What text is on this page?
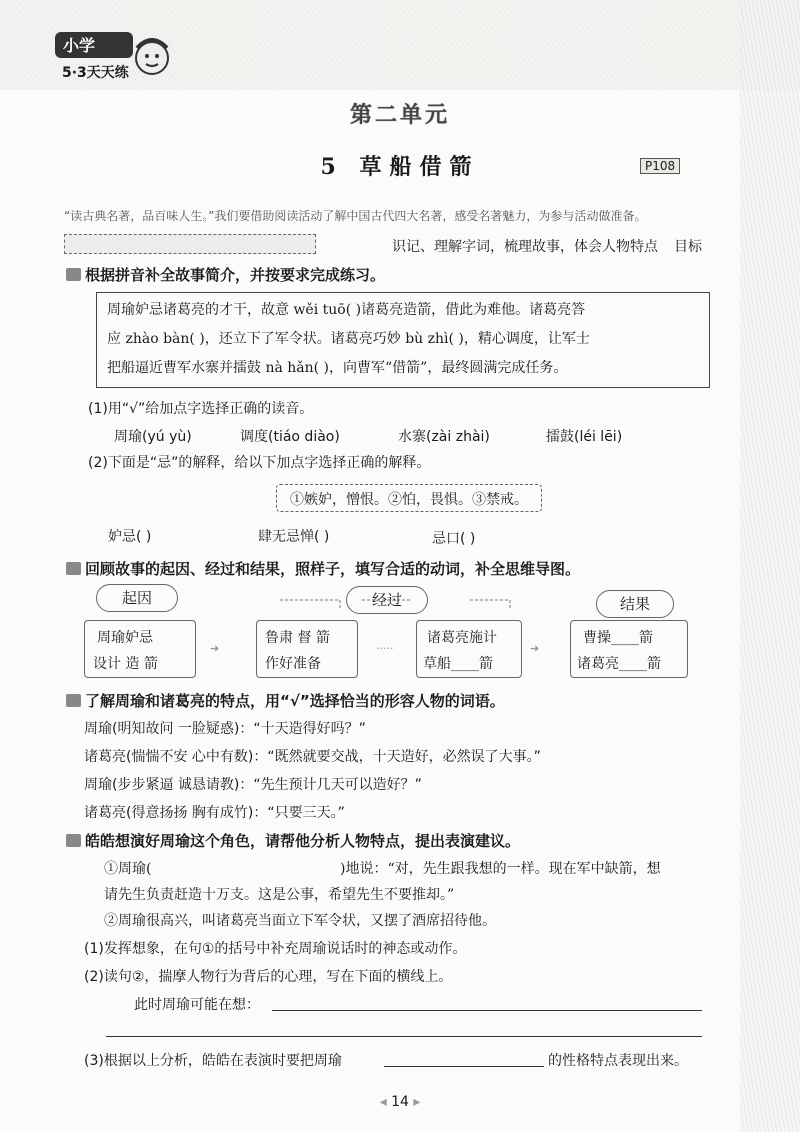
小学
5·3天天练
第二单元
5 草船借箭	P108
“读古典名著，品百味人生。”我们要借助阅读活动了解中国古代四大名著，感受名著魅力，为参与活动做准备。
识记、理解字词，梳理故事，体会人物特点 目标
根据拼音补全故事简介，并按要求完成练习。

周瑜妒忌诸葛亮的才干，故意 wěi tuō( )诸葛亮造箭，借此为难他。诸葛亮答

应 zhào bàn( )，还立下了军令状。诸葛亮巧妙 bù zhì( )，精心调度，让军士

把船逼近曹军水寨并擂鼓 nà hǎn( )，向曹军“借箭”，最终圆满完成任务。

(1)用“√”给加点字选择正确的读音。
周瑜(yú yù)	调度(tiáo diào)	水寨(zài zhài)	擂鼓(léi lēi)
(2)下面是“忌”的解释，给以下加点字选择正确的解释。
①嫉妒，憎恨。②怕，畏惧。③禁戒。
妒忌( )	肆无忌惮( )	忌口( )
回顾故事的起因、经过和结果，照样子，填写合适的动词，补全思维导图。
➜	·····	➜
起因	经过	结果
周瑜妒忌
设计 造 箭
鲁肃 督 箭
作好准备
诸葛亮施计
草船____箭
曹操____箭
诸葛亮____箭
了解周瑜和诸葛亮的特点，用“√”选择恰当的形容人物的词语。
周瑜(明知故问 一脸疑惑)：“十天造得好吗？”
诸葛亮(惴惴不安 心中有数)：“既然就要交战，十天造好，必然误了大事。”
周瑜(步步紧逼 诚恳请教)：“先生预计几天可以造好？”
诸葛亮(得意扬扬 胸有成竹)：“只要三天。”
皓皓想演好周瑜这个角色，请帮他分析人物特点，提出表演建议。
①周瑜(	)地说：“对，先生跟我想的一样。现在军中缺箭，想
请先生负责赶造十万支。这是公事，希望先生不要推却。”
②周瑜很高兴，叫诸葛亮当面立下军令状，又摆了酒席招待他。
(1)发挥想象，在句①的括号中补充周瑜说话时的神态或动作。
(2)读句②，揣摩人物行为背后的心理，写在下面的横线上。
此时周瑜可能在想：
(3)根据以上分析，皓皓在表演时要把周瑜	的性格特点表现出来。
◂ 14 ▸
